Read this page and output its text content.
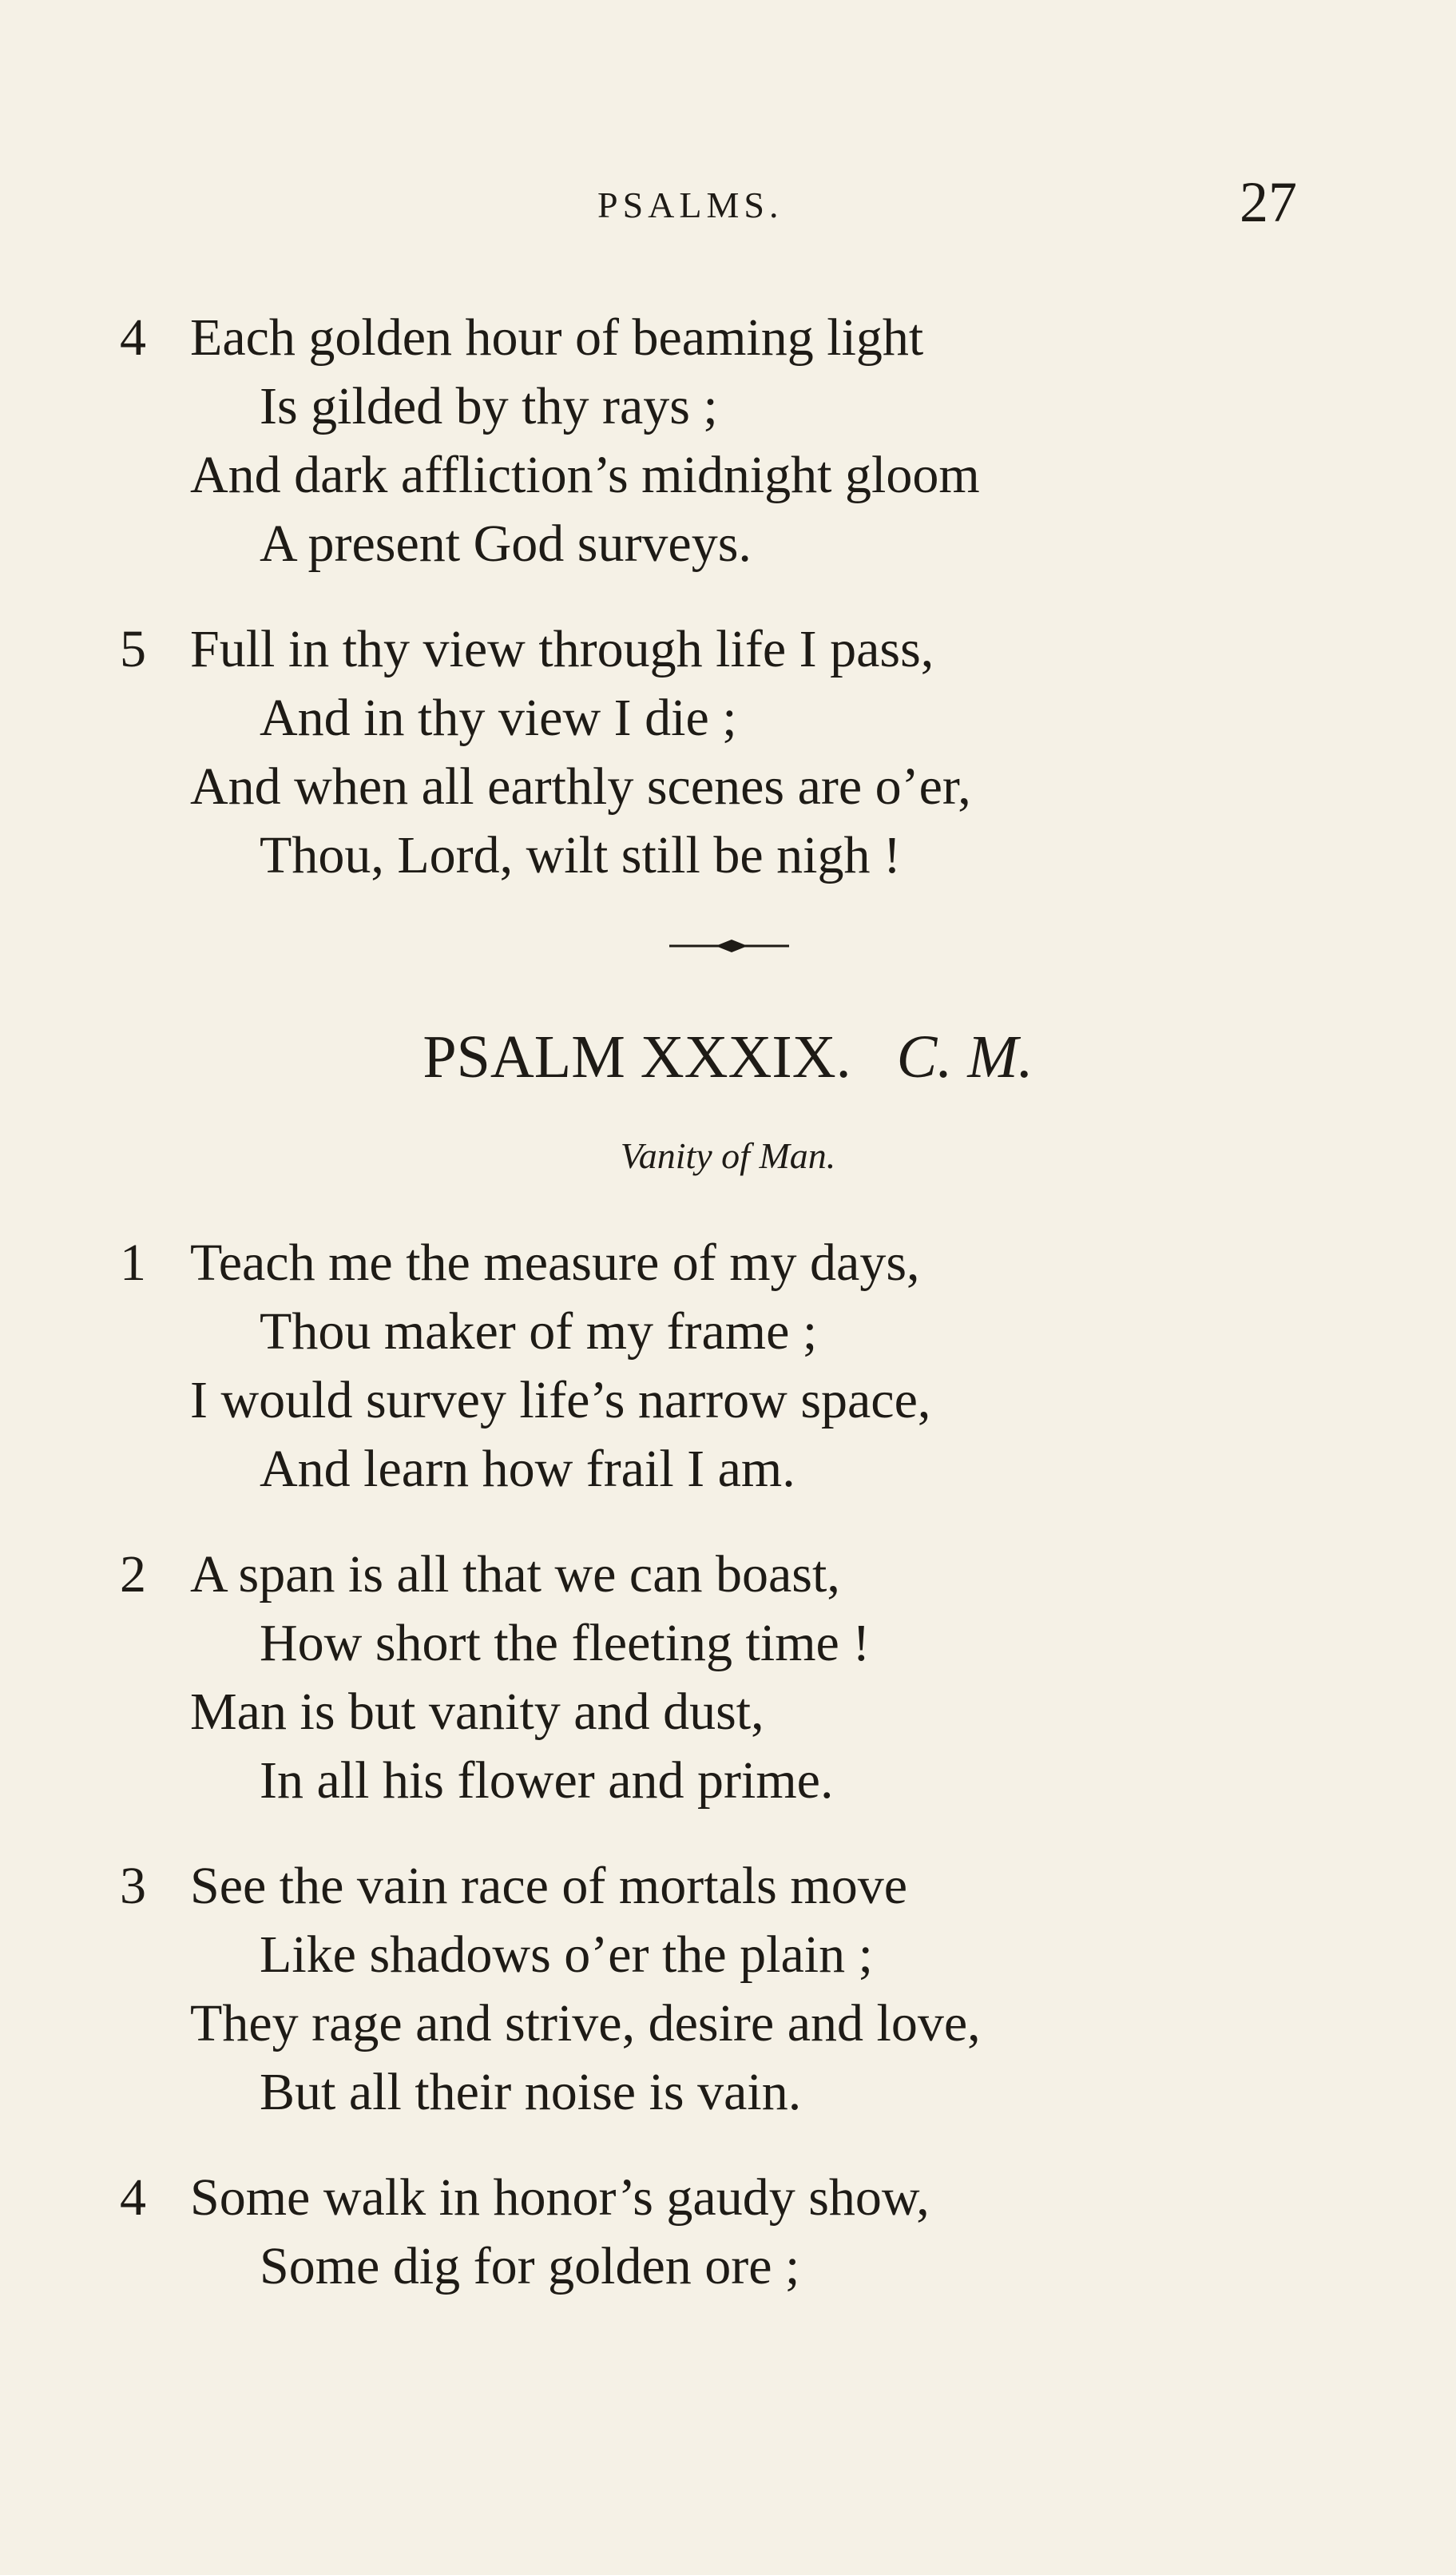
PSALMS.	27
4 Each golden hour of beaming light
Is gilded by thy rays ;
And dark affliction’s midnight gloom
A present God surveys.
5 Full in thy view through life I pass,
And in thy view I die ;
And when all earthly scenes are o’er,
Thou, Lord, wilt still be nigh !
PSALM XXXIX. C. M.
Vanity of Man.
1 Teach me the measure of my days,
Thou maker of my frame ;
I would survey life’s narrow space,
And learn how frail I am.
2 A span is all that we can boast,
How short the fleeting time !
Man is but vanity and dust,
In all his flower and prime.
3 See the vain race of mortals move
Like shadows o’er the plain ;
They rage and strive, desire and love,
But all their noise is vain.
4 Some walk in honor’s gaudy show,
Some dig for golden ore ;
